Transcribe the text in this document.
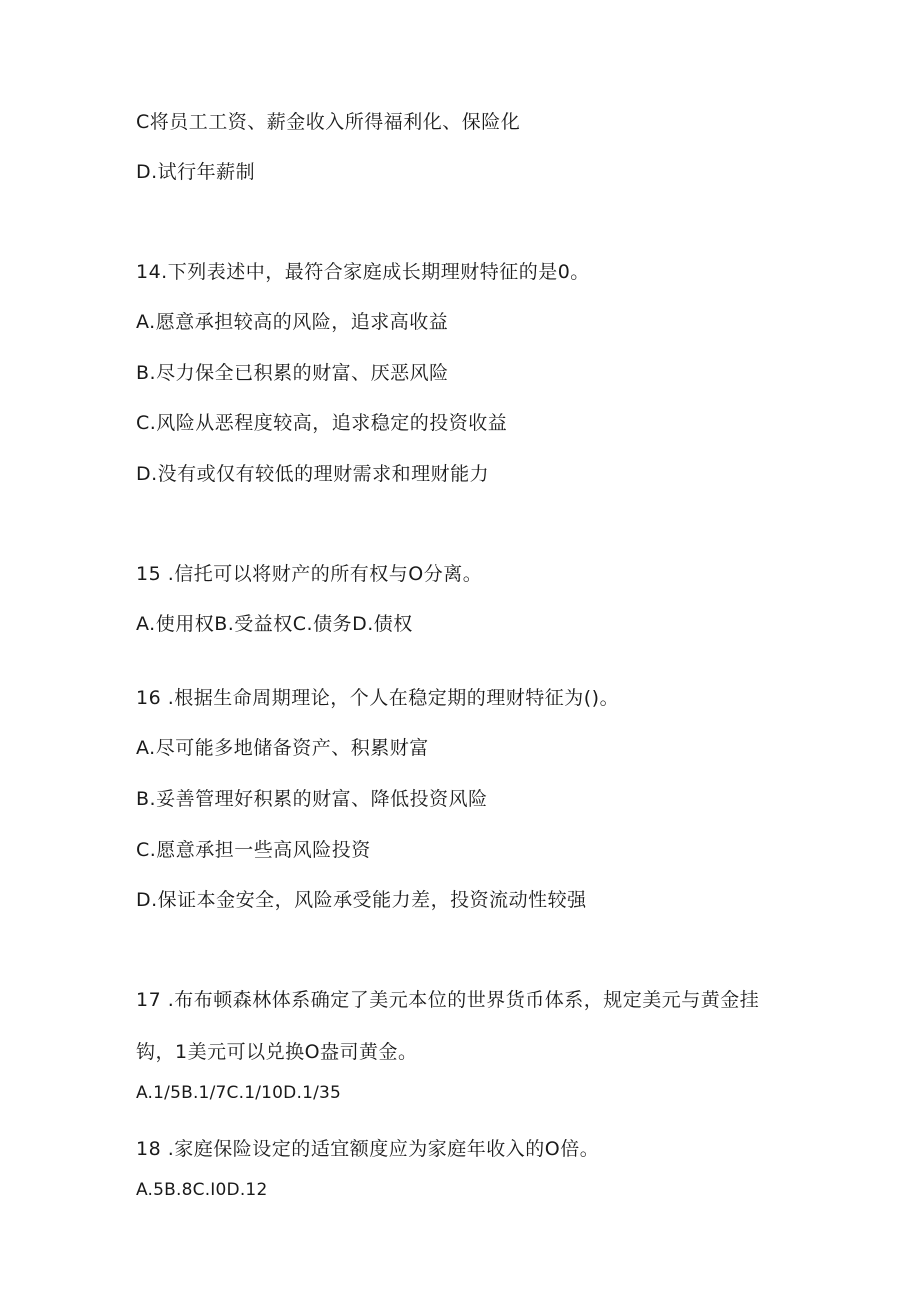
C将员工工资、薪金收入所得福利化、保险化
D.试行年薪制
14.下列表述中，最符合家庭成长期理财特征的是0。
A.愿意承担较高的风险，追求高收益
B.尽力保全已积累的财富、厌恶风险
C.风险从恶程度较高，追求稳定的投资收益
D.没有或仅有较低的理财需求和理财能力
15 .信托可以将财产的所有权与O分离。
A.使用权B.受益权C.债务D.债权
16 .根据生命周期理论，个人在稳定期的理财特征为()。
A.尽可能多地储备资产、积累财富
B.妥善管理好积累的财富、降低投资风险
C.愿意承担一些高风险投资
D.保证本金安全，风险承受能力差，投资流动性较强
17 .布布顿森林体系确定了美元本位的世界货币体系，规定美元与黄金挂
钩，1美元可以兑换O盎司黄金。
A.1/5B.1/7C.1/10D.1/35
18 .家庭保险设定的适宜额度应为家庭年收入的O倍。
A.5B.8C.I0D.12
